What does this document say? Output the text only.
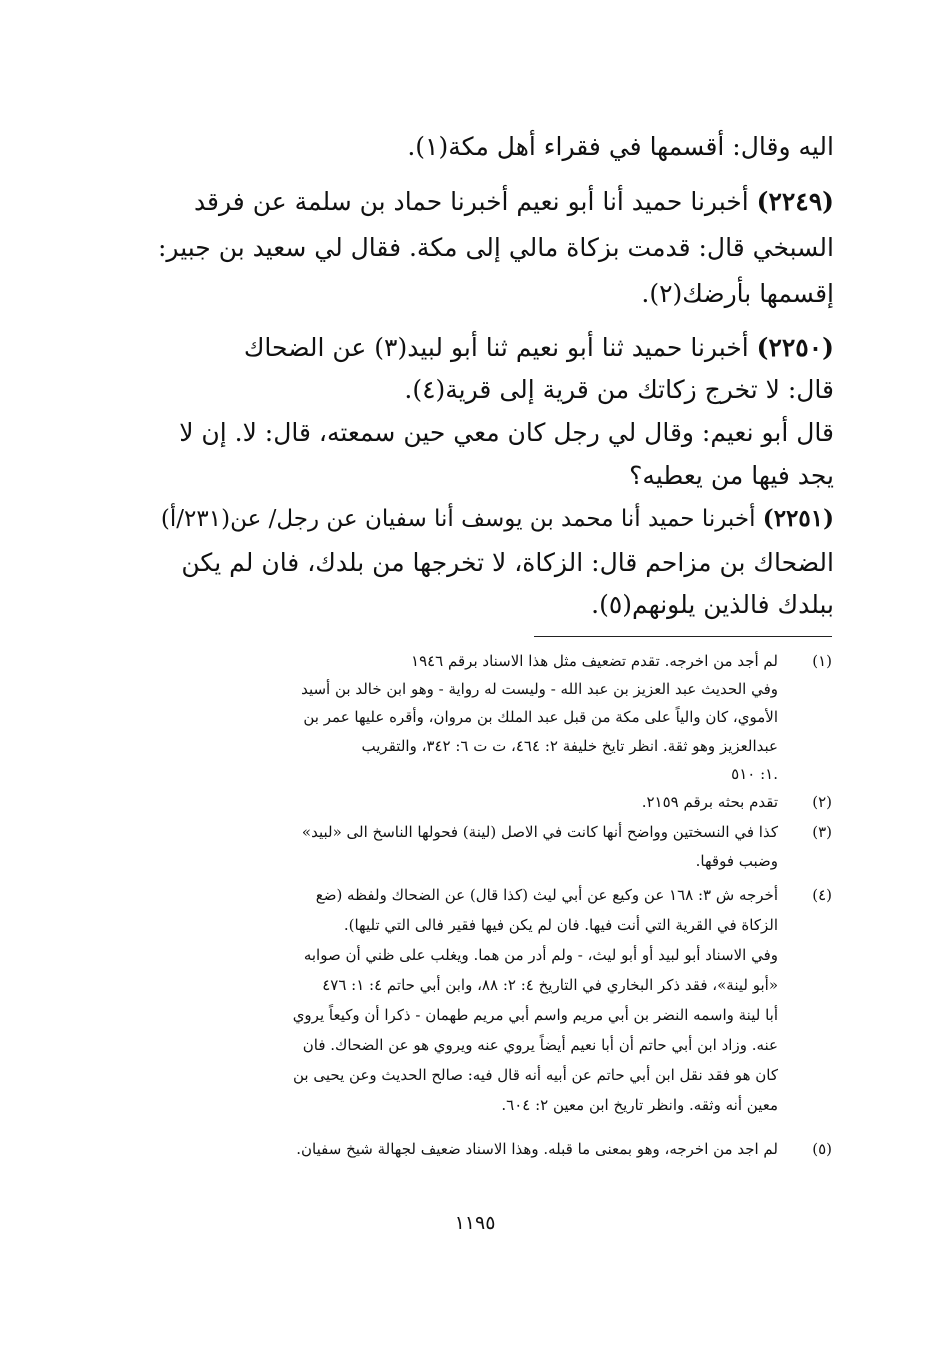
اليه وقال: أقسمها في فقراء أهل مكة(١).
(٢٢٤٩) أخبرنا حميد أنا أبو نعيم أخبرنا حماد بن سلمة عن فرقد
السبخي قال: قدمت بزكاة مالي إلى مكة. فقال لي سعيد بن جبير:
إقسمها بأرضك(٢).
(٢٢٥٠) أخبرنا حميد ثنا أبو نعيم ثنا أبو لبيد(٣) عن الضحاك
قال: لا تخرج زكاتك من قرية إلى قرية(٤).
قال أبو نعيم: وقال لي رجل كان معي حين سمعته، قال: لا. إن لا
يجد فيها من يعطيه؟
(٢٢٥١) أخبرنا حميد أنا محمد بن يوسف أنا سفيان عن رجل/ عن(٢٣١/أ)
الضحاك بن مزاحم قال: الزكاة، لا تخرجها من بلدك، فان لم يكن
ببلدك فالذين يلونهم(٥).
(١)
لم أجد من اخرجه. تقدم تضعيف مثل هذا الاسناد برقم ١٩٤٦
وفي الحديث عبد العزيز بن عبد الله - وليست له رواية - وهو ابن خالد بن أسيد
الأموي، كان والياً على مكة من قبل عبد الملك بن مروان، وأقره عليها عمر بن
عبدالعزيز وهو ثقة. انظر تايخ خليفة ٢: ٤٦٤، ت ت ٦: ٣٤٢، والتقريب
١: ٥١٠.
(٢)
تقدم بحثه برقم ٢١٥٩.
(٣)
كذا في النسختين وواضح أنها كانت في الاصل (لينة) فحولها الناسخ الى «لبيد»
وضبب فوقها.
(٤)
أخرجه ش ٣: ١٦٨ عن وكيع عن أبي ليث (كذا قال) عن الضحاك ولفظه (ضع
الزكاة في القرية التي أنت فيها. فان لم يكن فيها فقير فالى التي تليها).
وفي الاسناد أبو لبيد أو أبو ليث، - ولم أدر من هما. ويغلب على ظني أن صوابه
«أبو لينة»، فقد ذكر البخاري في التاريخ ٤: ٢: ٨٨، وابن أبي حاتم ٤: ١: ٤٧٦
أبا لينة واسمه النضر بن أبي مريم واسم أبي مريم طهمان - ذكرا أن وكيعاً يروي
عنه. وزاد ابن أبي حاتم أن أبا نعيم أيضاً يروي عنه ويروي هو عن الضحاك. فان
كان هو فقد نقل ابن أبي حاتم عن أبيه أنه قال فيه: صالح الحديث وعن يحيى بن
معين أنه وثقه. وانظر تاريخ ابن معين ٢: ٦٠٤.
(٥)
لم اجد من اخرجه، وهو بمعنى ما قبله. وهذا الاسناد ضعيف لجهالة شيخ سفيان.
١١٩٥
